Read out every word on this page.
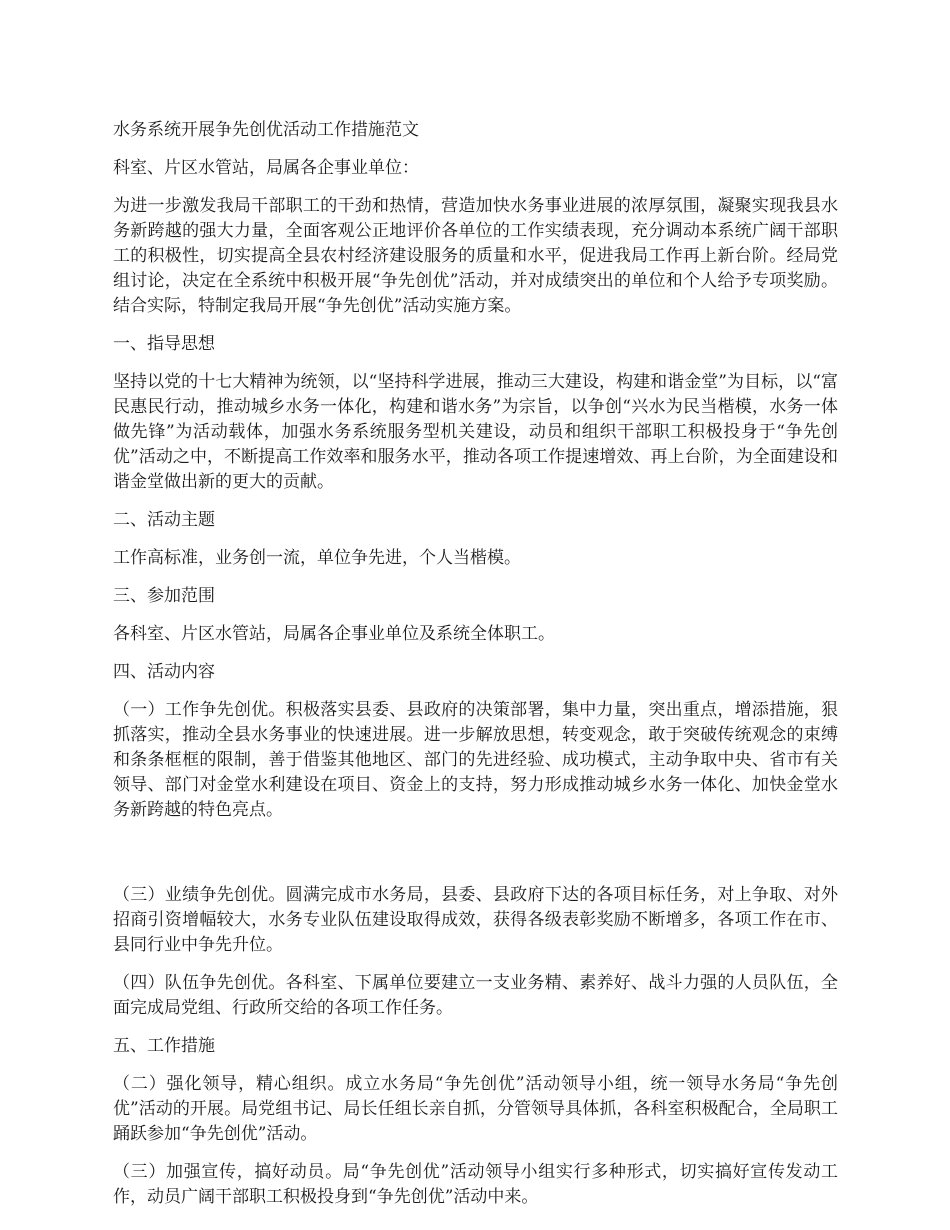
水务系统开展争先创优活动工作措施范文

科室、片区水管站，局属各企事业单位：

为进一步激发我局干部职工的干劲和热情，营造加快水务事业进展的浓厚氛围，凝聚实现我县水务新跨越的强大力量，全面客观公正地评价各单位的工作实绩表现，充分调动本系统广阔干部职工的积极性，切实提高全县农村经济建设服务的质量和水平，促进我局工作再上新台阶。经局党组讨论，决定在全系统中积极开展“争先创优”活动，并对成绩突出的单位和个人给予专项奖励。结合实际，特制定我局开展“争先创优”活动实施方案。

一、指导思想

坚持以党的十七大精神为统领，以“坚持科学进展，推动三大建设，构建和谐金堂”为目标，以“富民惠民行动，推动城乡水务一体化，构建和谐水务”为宗旨，以争创“兴水为民当楷模，水务一体做先锋”为活动载体，加强水务系统服务型机关建设，动员和组织干部职工积极投身于“争先创优”活动之中，不断提高工作效率和服务水平，推动各项工作提速增效、再上台阶，为全面建设和谐金堂做出新的更大的贡献。

二、活动主题

工作高标准，业务创一流，单位争先进，个人当楷模。

三、参加范围

各科室、片区水管站，局属各企事业单位及系统全体职工。

四、活动内容

（一）工作争先创优。积极落实县委、县政府的决策部署，集中力量，突出重点，增添措施，狠抓落实，推动全县水务事业的快速进展。进一步解放思想，转变观念，敢于突破传统观念的束缚和条条框框的限制，善于借鉴其他地区、部门的先进经验、成功模式，主动争取中央、省市有关领导、部门对金堂水利建设在项目、资金上的支持，努力形成推动城乡水务一体化、加快金堂水务新跨越的特色亮点。

（三）业绩争先创优。圆满完成市水务局，县委、县政府下达的各项目标任务，对上争取、对外招商引资增幅较大，水务专业队伍建设取得成效，获得各级表彰奖励不断增多，各项工作在市、县同行业中争先升位。

（四）队伍争先创优。各科室、下属单位要建立一支业务精、素养好、战斗力强的人员队伍，全面完成局党组、行政所交给的各项工作任务。

五、工作措施

（二）强化领导，精心组织。成立水务局“争先创优”活动领导小组，统一领导水务局“争先创优”活动的开展。局党组书记、局长任组长亲自抓，分管领导具体抓，各科室积极配合，全局职工踊跃参加“争先创优”活动。

（三）加强宣传，搞好动员。局“争先创优”活动领导小组实行多种形式，切实搞好宣传发动工作，动员广阔干部职工积极投身到“争先创优”活动中来。
